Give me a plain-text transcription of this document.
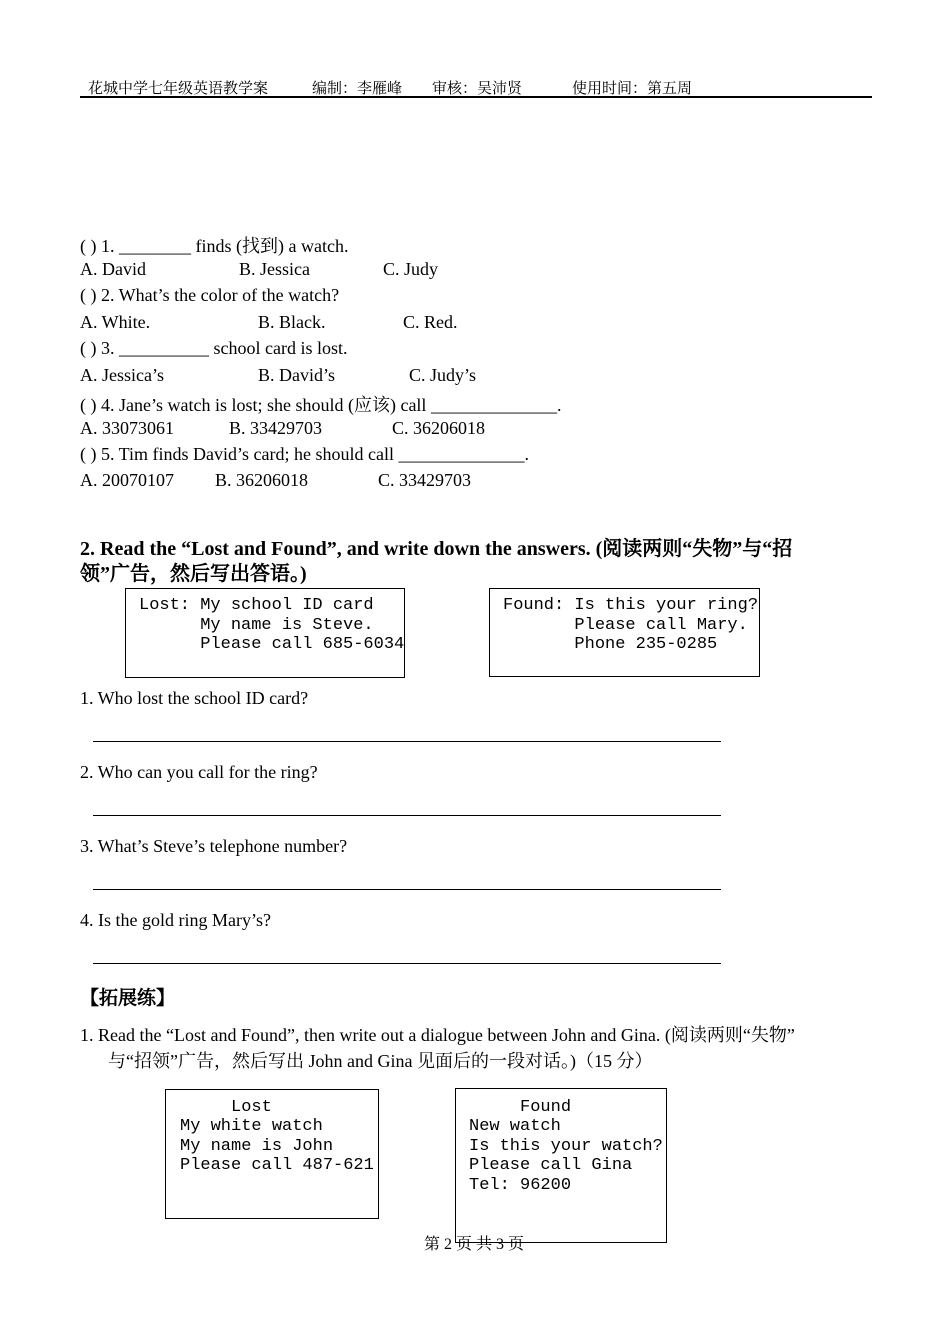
花城中学七年级英语教学案	编制：李雁峰 审核：吴沛贤	使用时间：第五周
( ) 1. ________ finds (找到) a watch.
A. David	B. Jessica	C. Judy
( ) 2. What’s the color of the watch?
A. White.	B. Black.	C. Red.
( ) 3. __________ school card is lost.
A. Jessica’s	B. David’s	C. Judy’s
( ) 4. Jane’s watch is lost; she should (应该) call ______________.
A. 33073061	B. 33429703	C. 36206018
( ) 5. Tim finds David’s card; he should call ______________.
A. 20070107 B. 36206018	C. 33429703
2. Read the “Lost and Found”, and write down the answers. (阅读两则“失物”与“招
领”广告，然后写出答语。)
Lost: My school ID card
My name is Steve.
Please call 685-6034
Found: Is this your ring?
Please call Mary.
Phone 235-0285
1. Who lost the school ID card?
2. Who can you call for the ring?
3. What’s Steve’s telephone number?
4. Is the gold ring Mary’s?
【拓展练】
1. Read the “Lost and Found”, then write out a dialogue between John and Gina. (阅读两则“失物”
与“招领”广告，然后写出 John and Gina 见面后的一段对话。)（15 分）
Lost
My white watch
My name is John
Please call 487-621
Found
New watch
Is this your watch?
Please call Gina
Tel: 96200
第 2 页 共 3 页
